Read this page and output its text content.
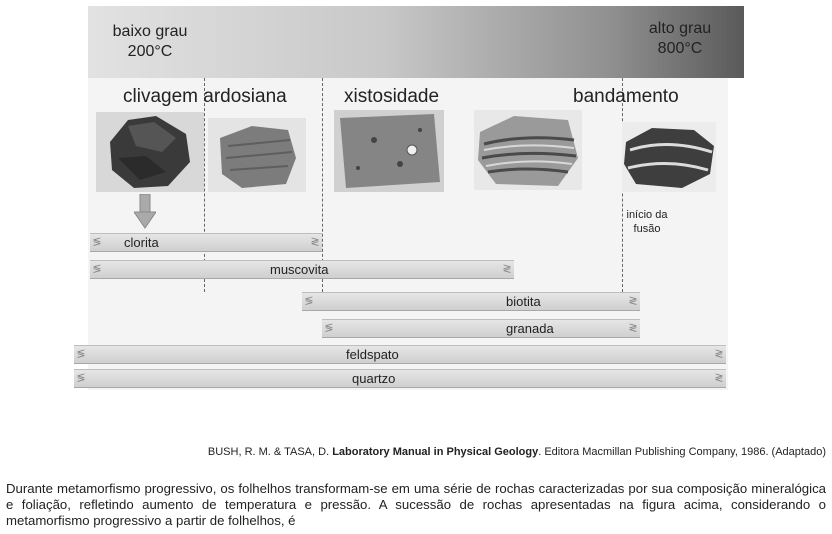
baixo grau
200°C
alto grau
800°C
clivagem ardosiana	xistosidade	bandamento
início da
fusão
≶ clorita	≷
≶	muscovita	≷
≶	biotita	≷
≶	granada	≷
≶	feldspato	≷
≶	quartzo	≷
BUSH, R. M. & TASA, D. Laboratory Manual in Physical Geology. Editora Macmillan Publishing Company, 1986. (Adaptado)
Durante metamorfismo progressivo, os folhelhos transformam-se em uma série de rochas caracterizadas por sua composição mineralógica e foliação, refletindo aumento de temperatura e pressão. A sucessão de rochas apresentadas na figura acima, considerando o metamorfismo progressivo a partir de folhelhos, é
